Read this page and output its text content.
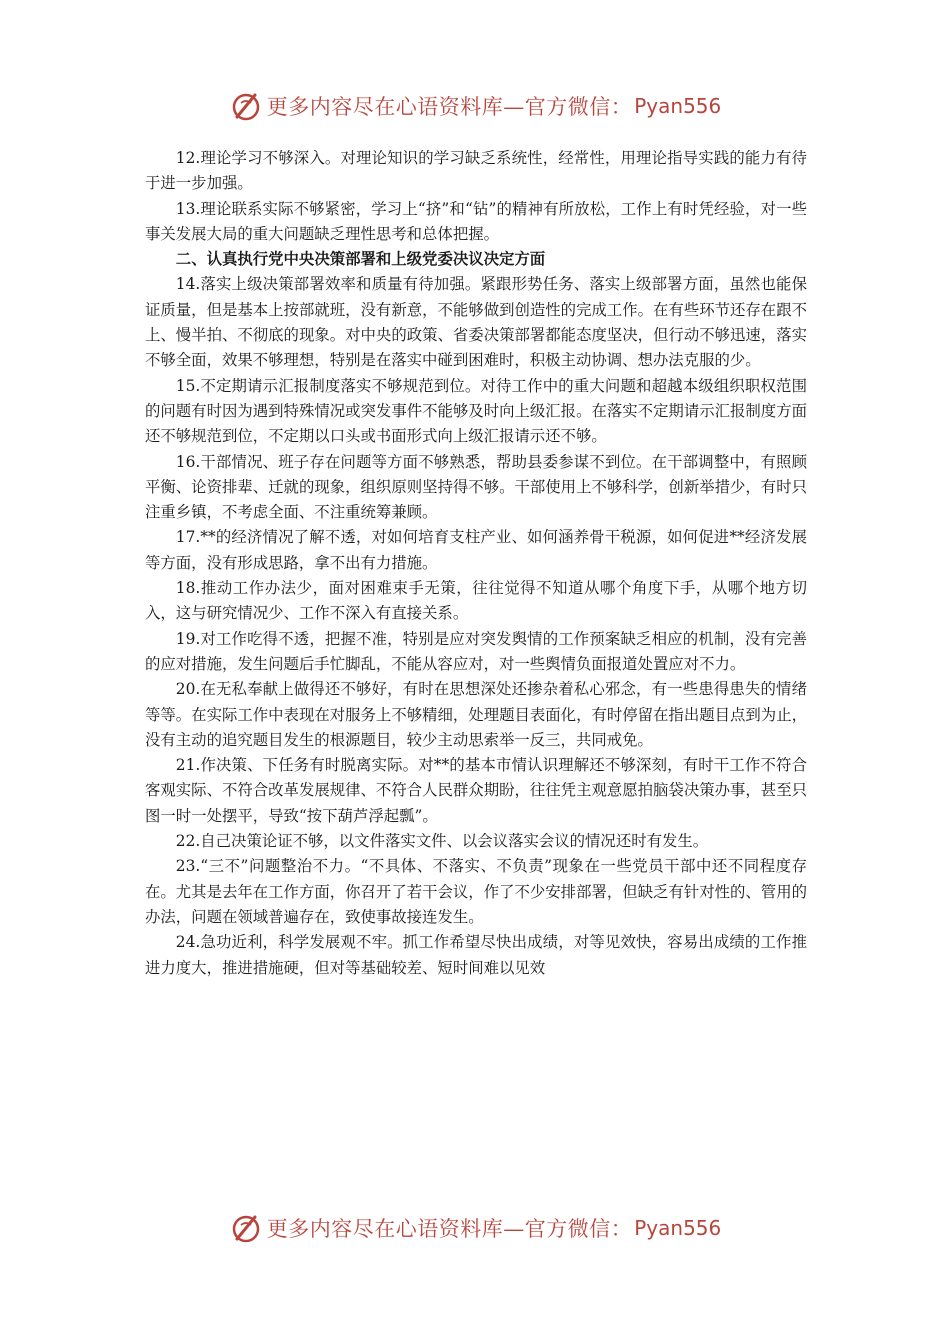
更多内容尽在心语资料库—官方微信： Pyan556

12.理论学习不够深入。对理论知识的学习缺乏系统性，经常性，用理论指导实践的能力有待于进一步加强。

13.理论联系实际不够紧密，学习上“挤”和“钻”的精神有所放松，工作上有时凭经验，对一些事关发展大局的重大问题缺乏理性思考和总体把握。

二、认真执行党中央决策部署和上级党委决议决定方面

14.落实上级决策部署效率和质量有待加强。紧跟形势任务、落实上级部署方面，虽然也能保证质量，但是基本上按部就班，没有新意，不能够做到创造性的完成工作。在有些环节还存在跟不上、慢半拍、不彻底的现象。对中央的政策、省委决策部署都能态度坚决，但行动不够迅速，落实不够全面，效果不够理想，特别是在落实中碰到困难时，积极主动协调、想办法克服的少。

15.不定期请示汇报制度落实不够规范到位。对待工作中的重大问题和超越本级组织职权范围的问题有时因为遇到特殊情况或突发事件不能够及时向上级汇报。在落实不定期请示汇报制度方面还不够规范到位，不定期以口头或书面形式向上级汇报请示还不够。

16.干部情况、班子存在问题等方面不够熟悉，帮助县委参谋不到位。在干部调整中，有照顾平衡、论资排辈、迁就的现象，组织原则坚持得不够。干部使用上不够科学，创新举措少，有时只注重乡镇，不考虑全面、不注重统筹兼顾。

17.**的经济情况了解不透，对如何培育支柱产业、如何涵养骨干税源，如何促进**经济发展等方面，没有形成思路，拿不出有力措施。

18.推动工作办法少，面对困难束手无策，往往觉得不知道从哪个角度下手，从哪个地方切入，这与研究情况少、工作不深入有直接关系。

19.对工作吃得不透，把握不准，特别是应对突发舆情的工作预案缺乏相应的机制，没有完善的应对措施，发生问题后手忙脚乱，不能从容应对，对一些舆情负面报道处置应对不力。

20.在无私奉献上做得还不够好，有时在思想深处还掺杂着私心邪念，有一些患得患失的情绪等等。在实际工作中表现在对服务上不够精细，处理题目表面化，有时停留在指出题目点到为止，没有主动的追究题目发生的根源题目，较少主动思索举一反三，共同戒免。

21.作决策、下任务有时脱离实际。对**的基本市情认识理解还不够深刻，有时干工作不符合客观实际、不符合改革发展规律、不符合人民群众期盼，往往凭主观意愿拍脑袋决策办事，甚至只图一时一处摆平，导致“按下葫芦浮起瓢”。

22.自己决策论证不够，以文件落实文件、以会议落实会议的情况还时有发生。

23.“三不”问题整治不力。“不具体、不落实、不负责”现象在一些党员干部中还不同程度存在。尤其是去年在工作方面，你召开了若干会议，作了不少安排部署，但缺乏有针对性的、管用的办法，问题在领域普遍存在，致使事故接连发生。

24.急功近利，科学发展观不牢。抓工作希望尽快出成绩，对等见效快，容易出成绩的工作推进力度大，推进措施硬，但对等基础较差、短时间难以见效

更多内容尽在心语资料库—官方微信： Pyan556
